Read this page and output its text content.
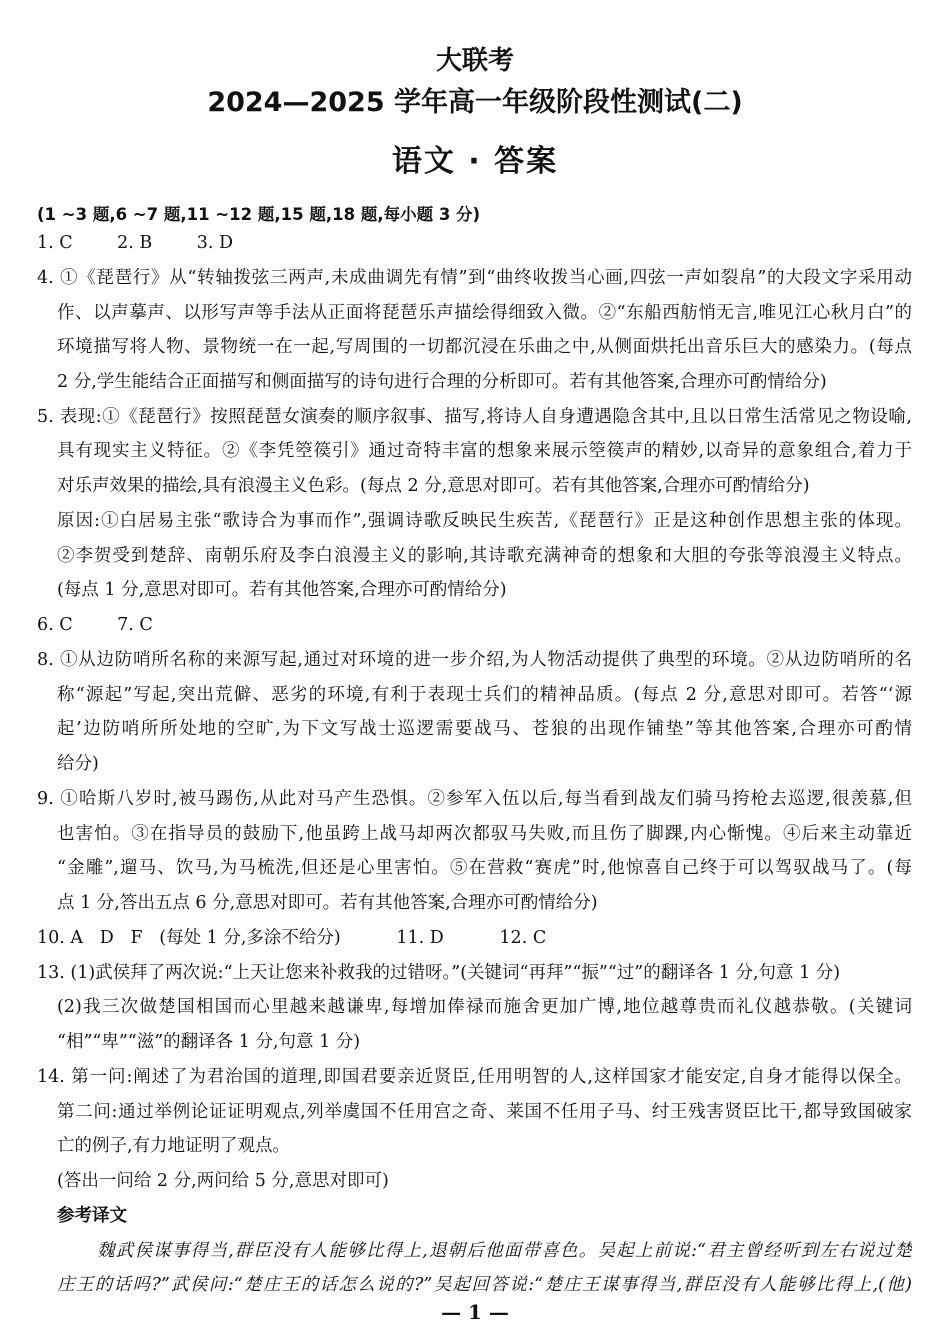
大联考
2024—2025 学年高一年级阶段性测试(二)
语文 · 答案
(1 ~3 题,6 ~7 题,11 ~12 题,15 题,18 题,每小题 3 分)
1. C        2. B        3. D
4. ①《琵琶行》从“转轴拨弦三两声,未成曲调先有情”到“曲终收拨当心画,四弦一声如裂帛”的大段文字采用动
作、以声摹声、以形写声等手法从正面将琵琶乐声描绘得细致入微。②“东船西舫悄无言,唯见江心秋月白”的
环境描写将人物、景物统一在一起,写周围的一切都沉浸在乐曲之中,从侧面烘托出音乐巨大的感染力。(每点
2 分,学生能结合正面描写和侧面描写的诗句进行合理的分析即可。若有其他答案,合理亦可酌情给分)
5. 表现:①《琵琶行》按照琵琶女演奏的顺序叙事、描写,将诗人自身遭遇隐含其中,且以日常生活常见之物设喻,
具有现实主义特征。②《李凭箜篌引》通过奇特丰富的想象来展示箜篌声的精妙,以奇异的意象组合,着力于
对乐声效果的描绘,具有浪漫主义色彩。(每点 2 分,意思对即可。若有其他答案,合理亦可酌情给分)
原因:①白居易主张“歌诗合为事而作”,强调诗歌反映民生疾苦,《琵琶行》正是这种创作思想主张的体现。
②李贺受到楚辞、南朝乐府及李白浪漫主义的影响,其诗歌充满神奇的想象和大胆的夸张等浪漫主义特点。
(每点 1 分,意思对即可。若有其他答案,合理亦可酌情给分)
6. C        7. C
8. ①从边防哨所名称的来源写起,通过对环境的进一步介绍,为人物活动提供了典型的环境。②从边防哨所的名
称“源起”写起,突出荒僻、恶劣的环境,有利于表现士兵们的精神品质。(每点 2 分,意思对即可。若答“‘源
起’边防哨所所处地的空旷,为下文写战士巡逻需要战马、苍狼的出现作铺垫”等其他答案,合理亦可酌情
给分)
9. ①哈斯八岁时,被马踢伤,从此对马产生恐惧。②参军入伍以后,每当看到战友们骑马挎枪去巡逻,很羡慕,但
也害怕。③在指导员的鼓励下,他虽跨上战马却两次都驭马失败,而且伤了脚踝,内心惭愧。④后来主动靠近
“金雕”,遛马、饮马,为马梳洗,但还是心里害怕。⑤在营救“赛虎”时,他惊喜自己终于可以驾驭战马了。(每
点 1 分,答出五点 6 分,意思对即可。若有其他答案,合理亦可酌情给分)
10. A   D   F   (每处 1 分,多涂不给分)          11. D          12. C
13. (1)武侯拜了两次说:“上天让您来补救我的过错呀。”(关键词“再拜”“振”“过”的翻译各 1 分,句意 1 分)
(2)我三次做楚国相国而心里越来越谦卑,每增加俸禄而施舍更加广博,地位越尊贵而礼仪越恭敬。(关键词
“相”“卑”“滋”的翻译各 1 分,句意 1 分)
14. 第一问:阐述了为君治国的道理,即国君要亲近贤臣,任用明智的人,这样国家才能安定,自身才能得以保全。
第二问:通过举例论证证明观点,列举虞国不任用宫之奇、莱国不任用子马、纣王残害贤臣比干,都导致国破家
亡的例子,有力地证明了观点。
(答出一问给 2 分,两问给 5 分,意思对即可)
参考译文
魏武侯谋事得当,群臣没有人能够比得上,退朝后他面带喜色。吴起上前说:“君主曾经听到左右说过楚
庄王的话吗?”武侯问:“楚庄王的话怎么说的?”吴起回答说:“楚庄王谋事得当,群臣没有人能够比得上,(他)
— 1 —
